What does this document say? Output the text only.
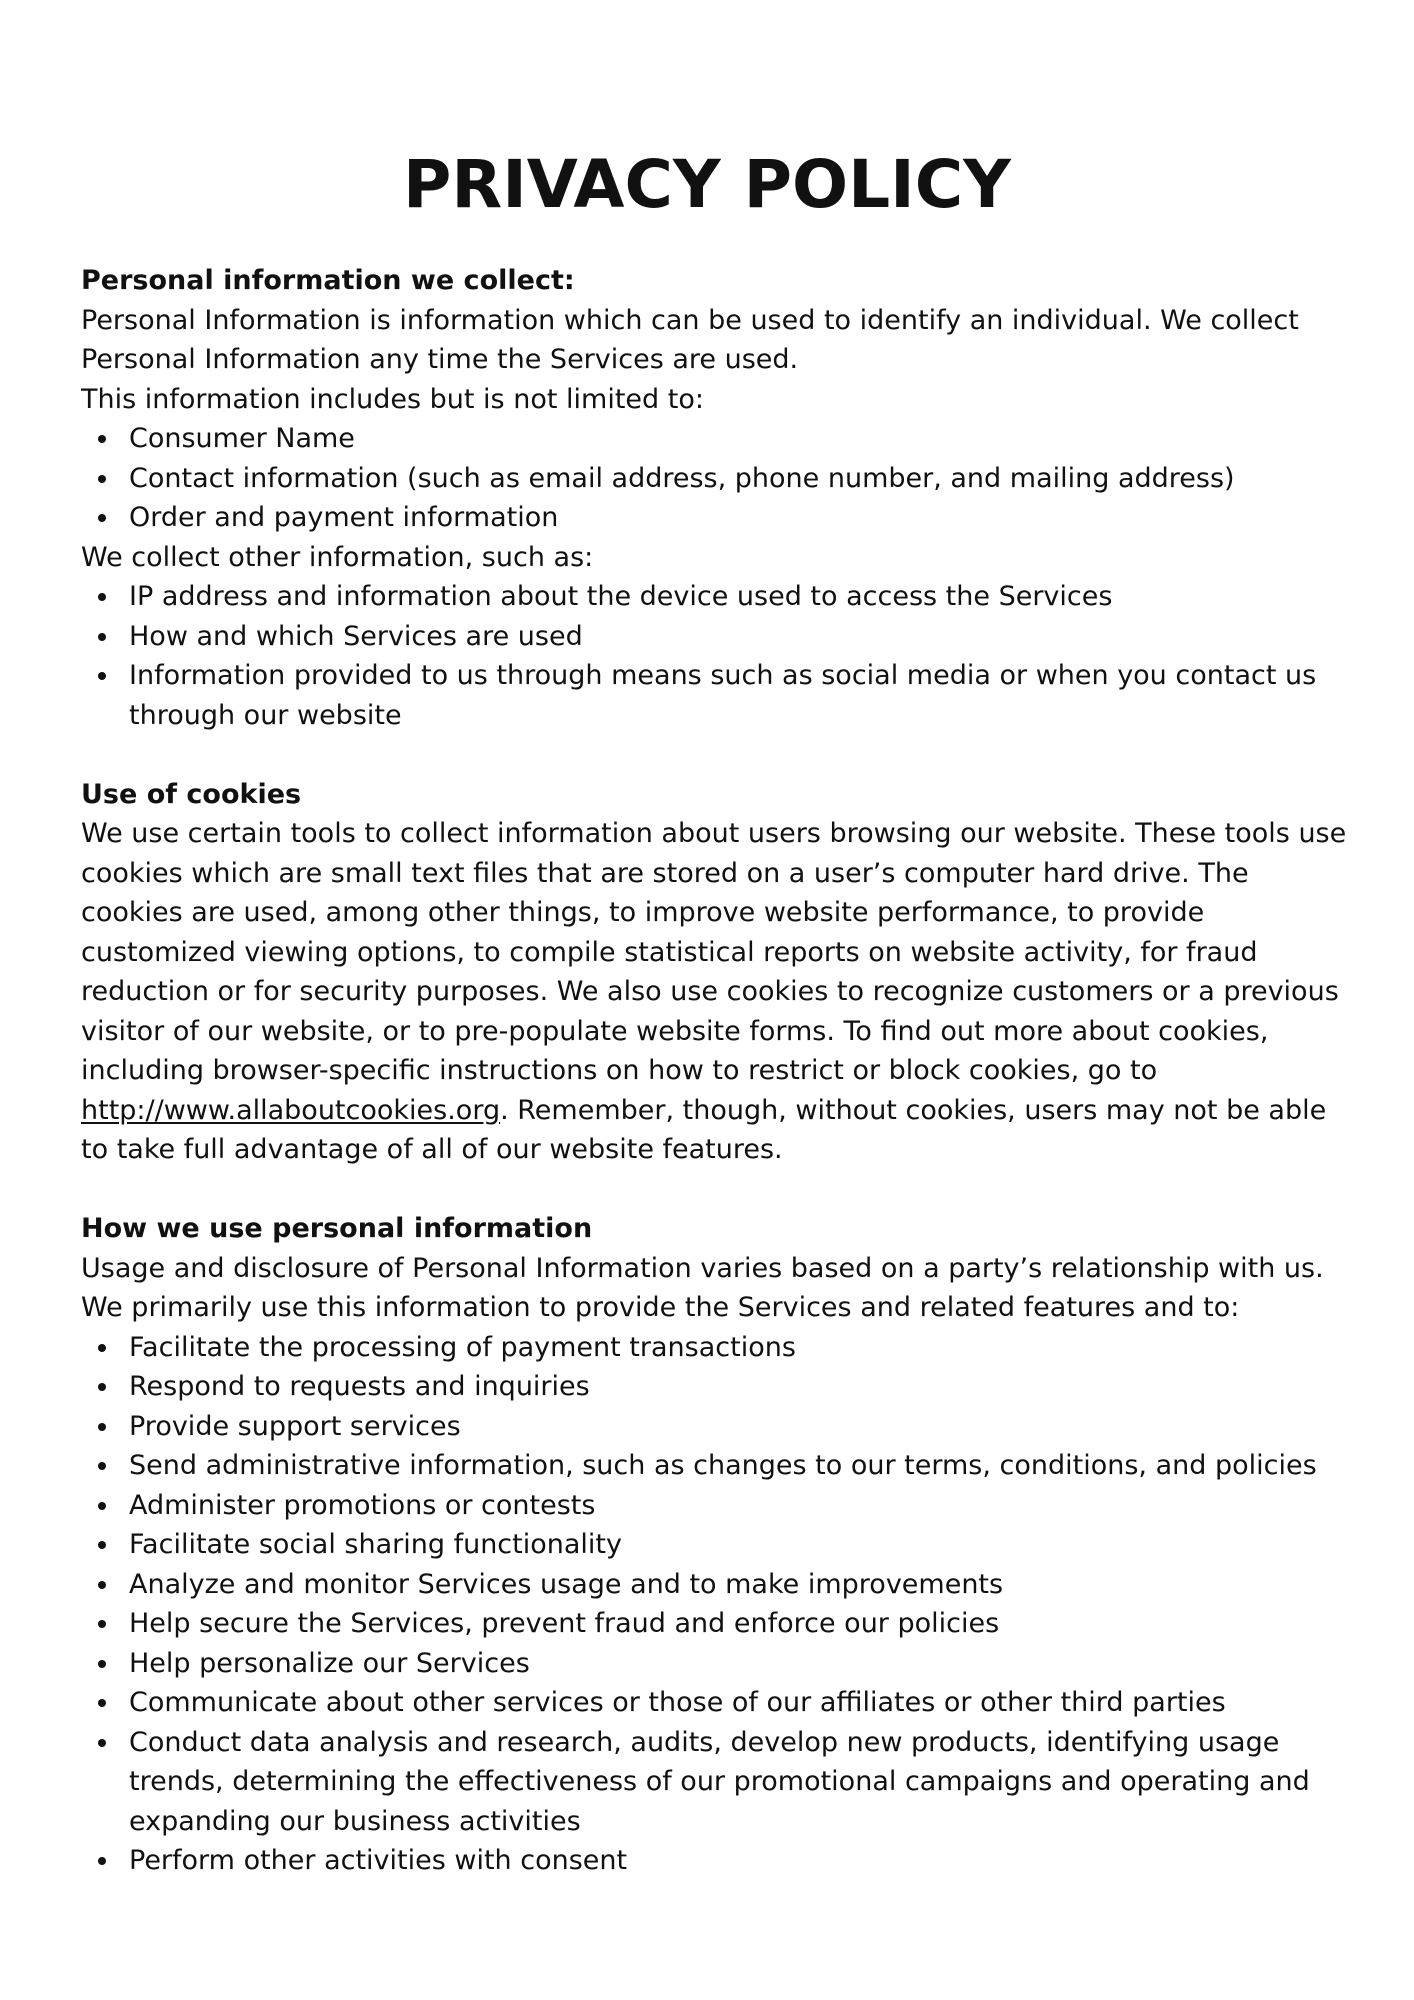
PRIVACY POLICY

Personal information we collect:

Personal Information is information which can be used to identify an individual. We collect Personal Information any time the Services are used.

This information includes but is not limited to:

Consumer Name
Contact information (such as email address, phone number, and mailing address)
Order and payment information

We collect other information, such as:

IP address and information about the device used to access the Services
How and which Services are used
Information provided to us through means such as social media or when you contact us through our website

Use of cookies

We use certain tools to collect information about users browsing our website. These tools use cookies which are small text files that are stored on a user’s computer hard drive. The cookies are used, among other things, to improve website performance, to provide customized viewing options, to compile statistical reports on website activity, for fraud reduction or for security purposes. We also use cookies to recognize customers or a previous visitor of our website, or to pre-populate website forms. To find out more about cookies, including browser-specific instructions on how to restrict or block cookies, go to http://www.allaboutcookies.org. Remember, though, without cookies, users may not be able to take full advantage of all of our website features.

How we use personal information

Usage and disclosure of Personal Information varies based on a party’s relationship with us. We primarily use this information to provide the Services and related features and to:

Facilitate the processing of payment transactions
Respond to requests and inquiries
Provide support services
Send administrative information, such as changes to our terms, conditions, and policies
Administer promotions or contests
Facilitate social sharing functionality
Analyze and monitor Services usage and to make improvements
Help secure the Services, prevent fraud and enforce our policies
Help personalize our Services
Communicate about other services or those of our affiliates or other third parties
Conduct data analysis and research, audits, develop new products, identifying usage trends, determining the effectiveness of our promotional campaigns and operating and expanding our business activities
Perform other activities with consent
